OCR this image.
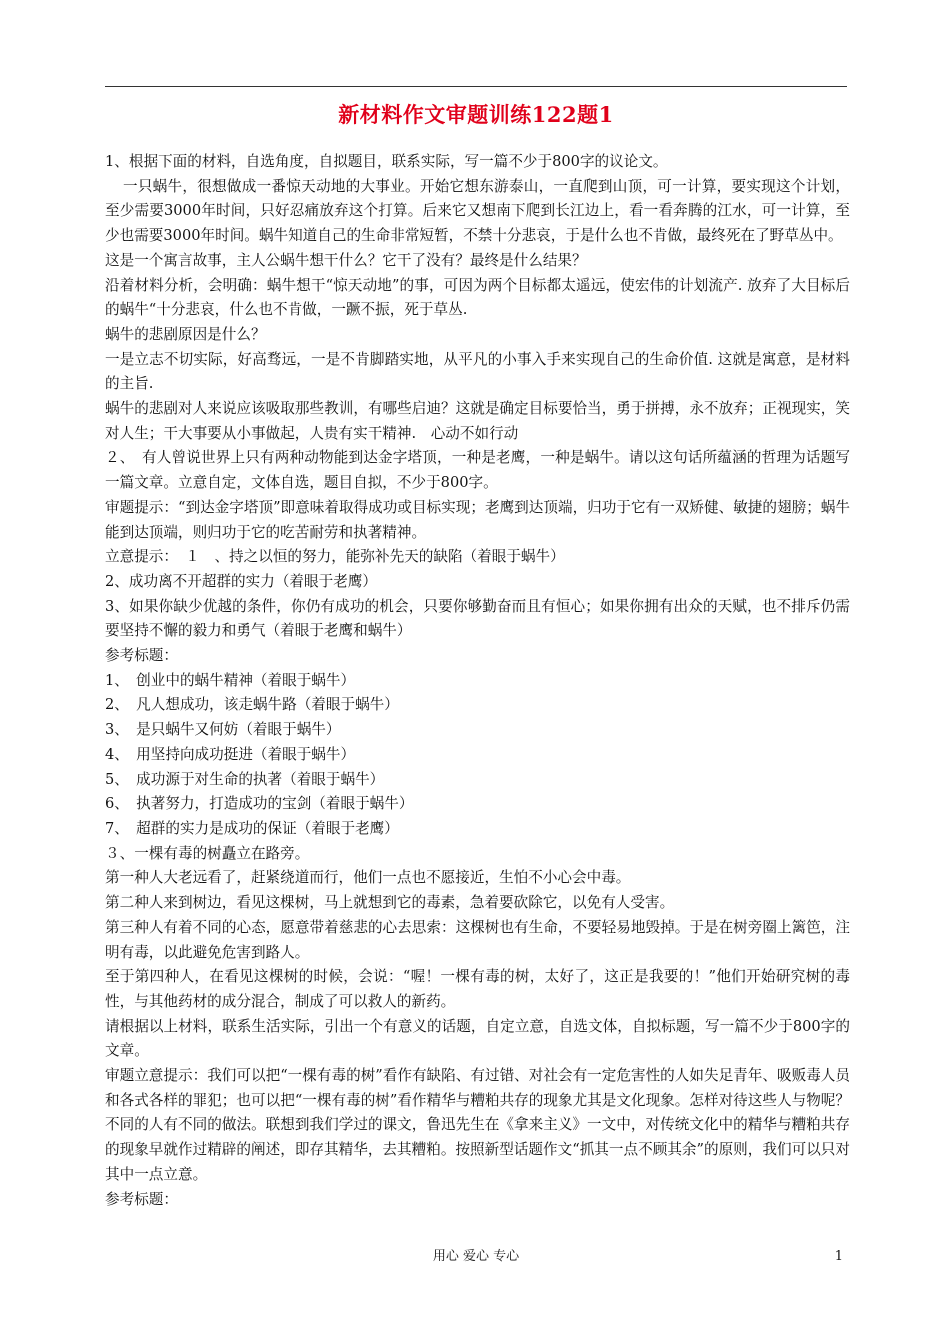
新材料作文审题训练122题1

1、根据下面的材料，自选角度，自拟题目，联系实际，写一篇不少于800字的议论文。

一只蜗牛，很想做成一番惊天动地的大事业。开始它想东游泰山，一直爬到山顶，可一计算，要实现这个计划，至少需要3000年时间，只好忍痛放弃这个打算。后来它又想南下爬到长江边上，看一看奔腾的江水，可一计算，至少也需要3000年时间。蜗牛知道自己的生命非常短暂，不禁十分悲哀，于是什么也不肯做，最终死在了野草丛中。

这是一个寓言故事，主人公蜗牛想干什么？它干了没有？最终是什么结果？

沿着材料分析，会明确：蜗牛想干“惊天动地”的事，可因为两个目标都太遥远，使宏伟的计划流产. 放弃了大目标后的蜗牛“十分悲哀，什么也不肯做，一蹶不振，死于草丛.

蜗牛的悲剧原因是什么？

一是立志不切实际，好高骛远，一是不肯脚踏实地，从平凡的小事入手来实现自己的生命价值. 这就是寓意，是材料的主旨.

蜗牛的悲剧对人来说应该吸取那些教训，有哪些启迪？这就是确定目标要恰当，勇于拼搏，永不放弃；正视现实，笑对人生；干大事要从小事做起，人贵有实干精神.　心动不如行动

２、　有人曾说世界上只有两种动物能到达金字塔顶，一种是老鹰，一种是蜗牛。请以这句话所蕴涵的哲理为话题写一篇文章。立意自定，文体自选，题目自拟，不少于800字。

审题提示：“到达金字塔顶”即意味着取得成功或目标实现；老鹰到达顶端，归功于它有一双矫健、敏捷的翅膀；蜗牛能到达顶端，则归功于它的吃苦耐劳和执著精神。

立意提示：　１　、持之以恒的努力，能弥补先天的缺陷（着眼于蜗牛）

2、成功离不开超群的实力（着眼于老鹰）

3、如果你缺少优越的条件，你仍有成功的机会，只要你够勤奋而且有恒心；如果你拥有出众的天赋，也不排斥仍需要坚持不懈的毅力和勇气（着眼于老鹰和蜗牛）

参考标题：

1、　创业中的蜗牛精神（着眼于蜗牛）

2、　凡人想成功，该走蜗牛路（着眼于蜗牛）

3、　是只蜗牛又何妨（着眼于蜗牛）

4、　用坚持向成功挺进（着眼于蜗牛）

5、　成功源于对生命的执著（着眼于蜗牛）

6、　执著努力，打造成功的宝剑（着眼于蜗牛）

7、　超群的实力是成功的保证（着眼于老鹰）

３、一棵有毒的树矗立在路旁。

第一种人大老远看了，赶紧绕道而行，他们一点也不愿接近，生怕不小心会中毒。

第二种人来到树边，看见这棵树，马上就想到它的毒素，急着要砍除它，以免有人受害。

第三种人有着不同的心态，愿意带着慈悲的心去思索：这棵树也有生命，不要轻易地毁掉。于是在树旁圈上篱笆，注明有毒，以此避免危害到路人。

至于第四种人，在看见这棵树的时候，会说：“喔！一棵有毒的树，太好了，这正是我要的！”他们开始研究树的毒性，与其他药材的成分混合，制成了可以救人的新药。

请根据以上材料，联系生活实际，引出一个有意义的话题，自定立意，自选文体，自拟标题，写一篇不少于800字的文章。

审题立意提示：我们可以把“一棵有毒的树”看作有缺陷、有过错、对社会有一定危害性的人如失足青年、吸贩毒人员和各式各样的罪犯；也可以把“一棵有毒的树”看作精华与糟粕共存的现象尤其是文化现象。怎样对待这些人与物呢？不同的人有不同的做法。联想到我们学过的课文，鲁迅先生在《拿来主义》一文中，对传统文化中的精华与糟粕共存的现象早就作过精辟的阐述，即存其精华，去其糟粕。按照新型话题作文“抓其一点不顾其余”的原则，我们可以只对其中一点立意。

参考标题：

用心 爱心 专心	1
